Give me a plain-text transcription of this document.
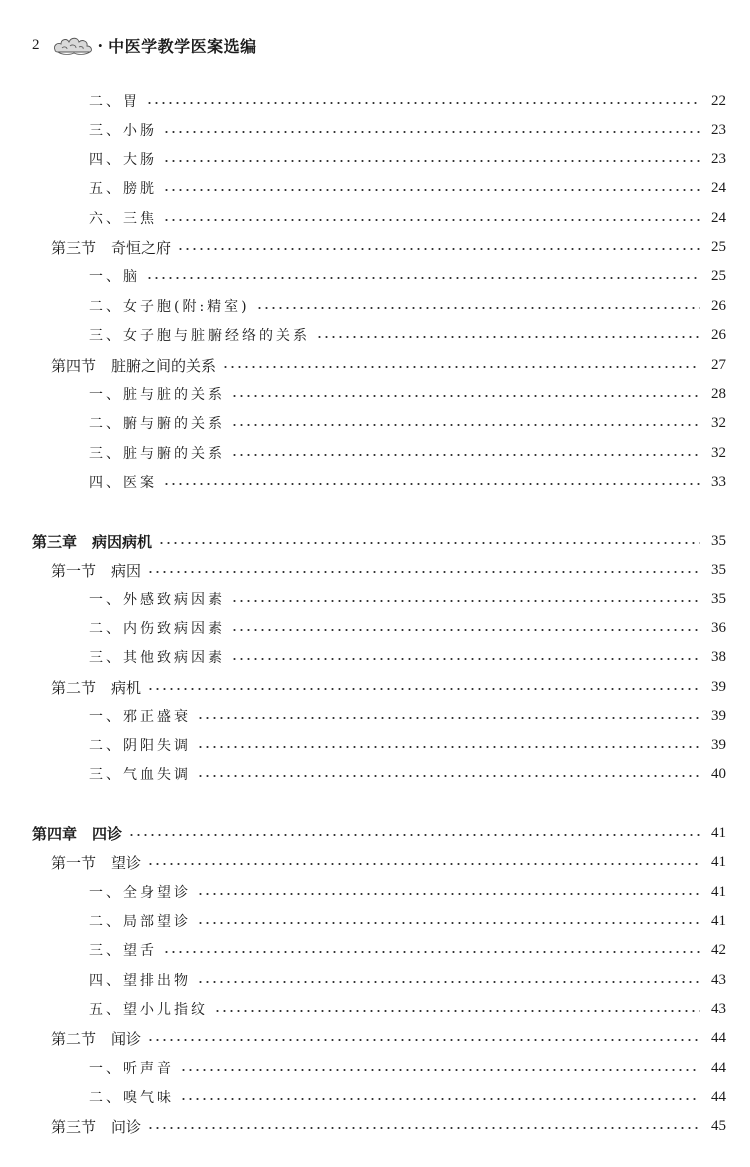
2	· 中医学教学医案选编
二、胃	22
三、小肠	23
四、大肠	23
五、膀胱	24
六、三焦	24
第三节　奇恒之府	25
一、脑	25
二、女子胞(附:精室)	26
三、女子胞与脏腑经络的关系	26
第四节　脏腑之间的关系	27
一、脏与脏的关系	28
二、腑与腑的关系	32
三、脏与腑的关系	32
四、医案	33
第三章　病因病机	35
第一节　病因	35
一、外感致病因素	35
二、内伤致病因素	36
三、其他致病因素	38
第二节　病机	39
一、邪正盛衰	39
二、阴阳失调	39
三、气血失调	40
第四章　四诊	41
第一节　望诊	41
一、全身望诊	41
二、局部望诊	41
三、望舌	42
四、望排出物	43
五、望小儿指纹	43
第二节　闻诊	44
一、听声音	44
二、嗅气味	44
第三节　问诊	45
